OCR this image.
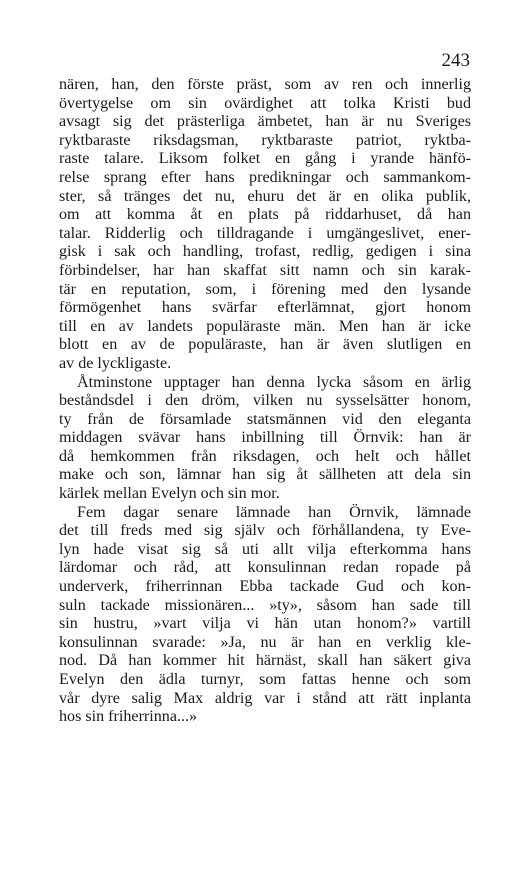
243
nären, han, den förste präst, som av ren och innerlig
övertygelse om sin ovärdighet att tolka Kristi bud
avsagt sig det prästerliga ämbetet, han är nu Sveriges
ryktbaraste riksdagsman, ryktbaraste patriot, ryktba-
raste talare. Liksom folket en gång i yrande hänfö-
relse sprang efter hans predikningar och sammankom-
ster, så tränges det nu, ehuru det är en olika publik,
om att komma åt en plats på riddarhuset, då han
talar. Ridderlig och tilldragande i umgängeslivet, ener-
gisk i sak och handling, trofast, redlig, gedigen i sina
förbindelser, har han skaffat sitt namn och sin karak-
tär en reputation, som, i förening med den lysande
förmögenhet hans svärfar efterlämnat, gjort honom
till en av landets populäraste män. Men han är icke
blott en av de populäraste, han är även slutligen en
av de lyckligaste.
Åtminstone upptager han denna lycka såsom en ärlig
beståndsdel i den dröm, vilken nu sysselsätter honom,
ty från de församlade statsmännen vid den eleganta
middagen svävar hans inbillning till Örnvik: han är
då hemkommen från riksdagen, och helt och hållet
make och son, lämnar han sig åt sällheten att dela sin
kärlek mellan Evelyn och sin mor.
Fem dagar senare lämnade han Örnvik, lämnade
det till freds med sig själv och förhållandena, ty Eve-
lyn hade visat sig så uti allt vilja efterkomma hans
lärdomar och råd, att konsulinnan redan ropade på
underverk, friherrinnan Ebba tackade Gud och kon-
suln tackade missionären... »ty», såsom han sade till
sin hustru, »vart vilja vi hän utan honom?» vartill
konsulinnan svarade: »Ja, nu är han en verklig kle-
nod. Då han kommer hit härnäst, skall han säkert giva
Evelyn den ädla turnyr, som fattas henne och som
vår dyre salig Max aldrig var i stånd att rätt inplanta
hos sin friherrinna...»
